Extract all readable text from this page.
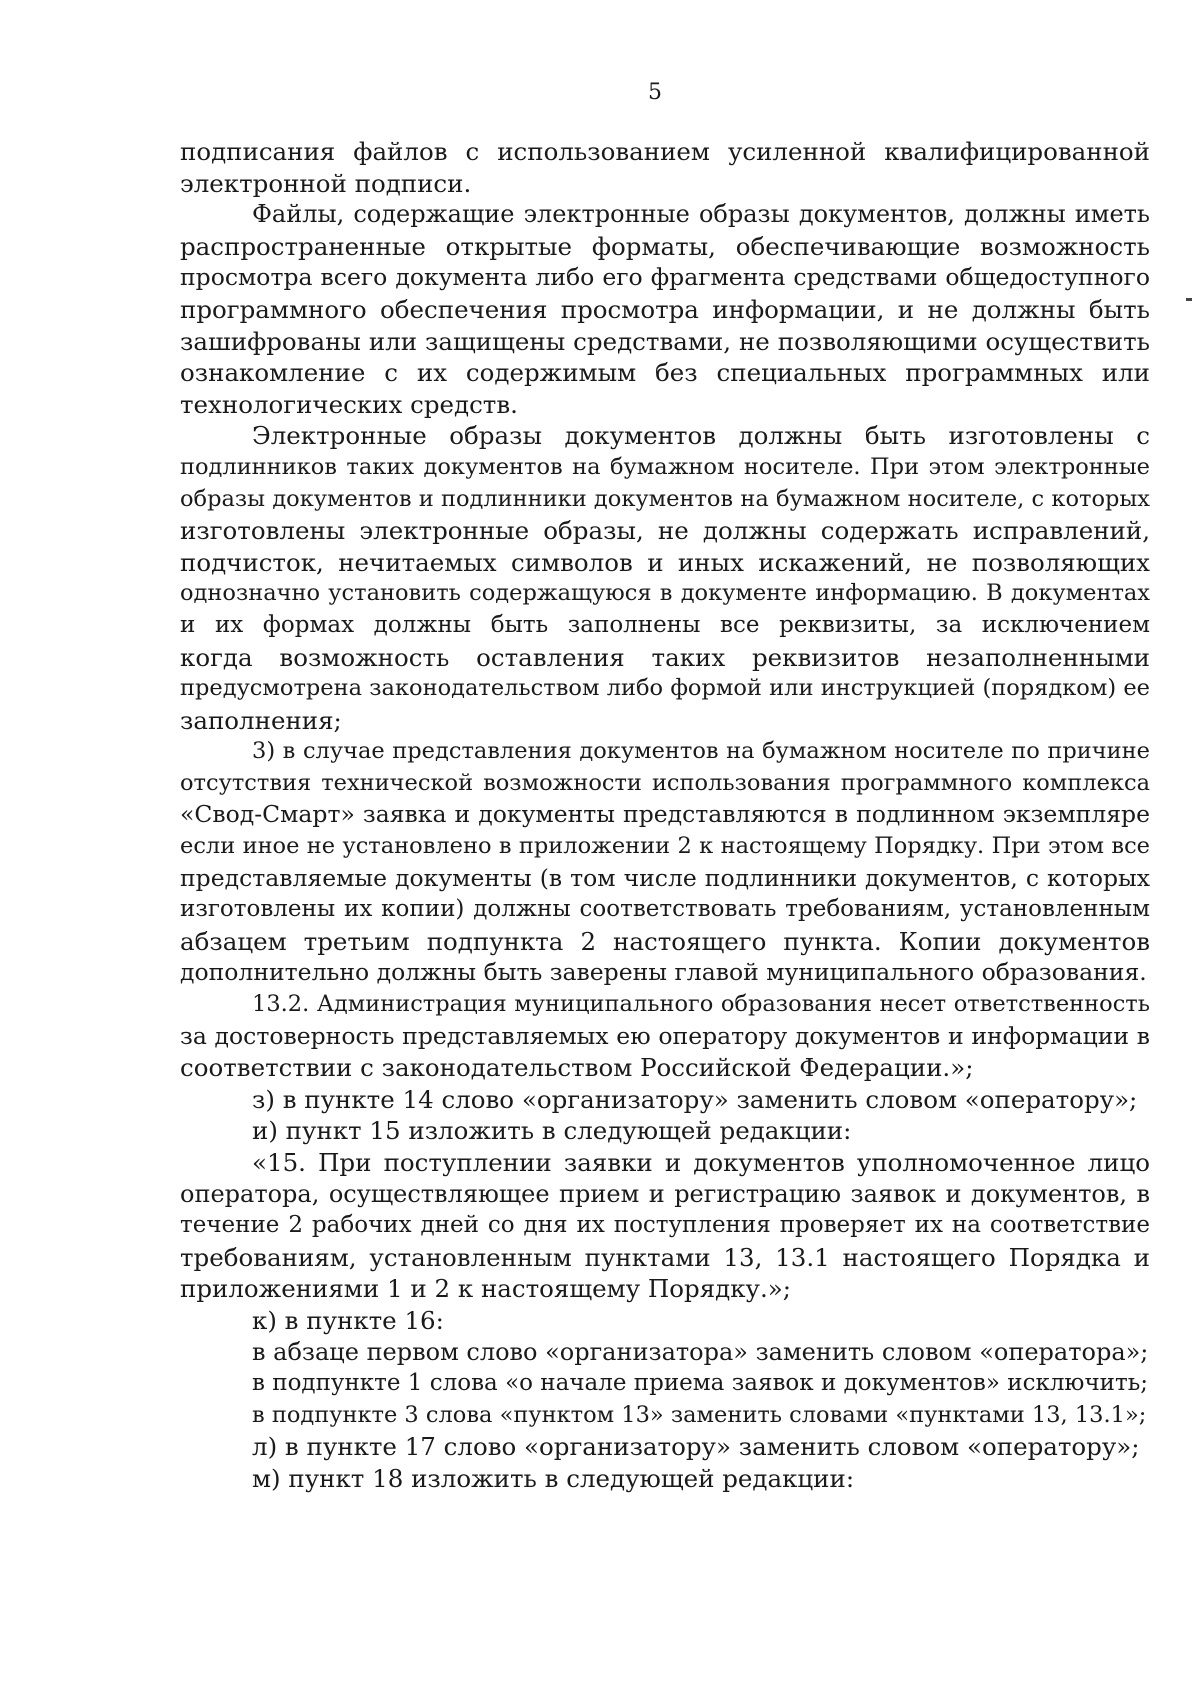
5
подписания файлов с использованием усиленной квалифицированной
электронной подписи.
Файлы, содержащие электронные образы документов, должны иметь
распространенные открытые форматы, обеспечивающие возможность
просмотра всего документа либо его фрагмента средствами общедоступного
программного обеспечения просмотра информации, и не должны быть
зашифрованы или защищены средствами, не позволяющими осуществить
ознакомление с их содержимым без специальных программных или
технологических средств.
Электронные образы документов должны быть изготовлены с
подлинников таких документов на бумажном носителе. При этом электронные
образы документов и подлинники документов на бумажном носителе, с которых
изготовлены электронные образы, не должны содержать исправлений,
подчисток, нечитаемых символов и иных искажений, не позволяющих
однозначно установить содержащуюся в документе информацию. В документах
и их формах должны быть заполнены все реквизиты, за исключением
когда возможность оставления таких реквизитов незаполненными
предусмотрена законодательством либо формой или инструкцией (порядком) ее
заполнения;
3) в случае представления документов на бумажном носителе по причине
отсутствия технической возможности использования программного комплекса
«Свод-Смарт» заявка и документы представляются в подлинном экземпляре
если иное не установлено в приложении 2 к настоящему Порядку. При этом все
представляемые документы (в том числе подлинники документов, с которых
изготовлены их копии) должны соответствовать требованиям, установленным
абзацем третьим подпункта 2 настоящего пункта. Копии документов
дополнительно должны быть заверены главой муниципального образования.
13.2. Администрация муниципального образования несет ответственность
за достоверность представляемых ею оператору документов и информации в
соответствии с законодательством Российской Федерации.»;
з) в пункте 14 слово «организатору» заменить словом «оператору»;
и) пункт 15 изложить в следующей редакции:
«15. При поступлении заявки и документов уполномоченное лицо
оператора, осуществляющее прием и регистрацию заявок и документов, в
течение 2 рабочих дней со дня их поступления проверяет их на соответствие
требованиям, установленным пунктами 13, 13.1 настоящего Порядка и
приложениями 1 и 2 к настоящему Порядку.»;
к) в пункте 16:
в абзаце первом слово «организатора» заменить словом «оператора»;
в подпункте 1 слова «о начале приема заявок и документов» исключить;
в подпункте 3 слова «пунктом 13» заменить словами «пунктами 13, 13.1»;
л) в пункте 17 слово «организатору» заменить словом «оператору»;
м) пункт 18 изложить в следующей редакции:
